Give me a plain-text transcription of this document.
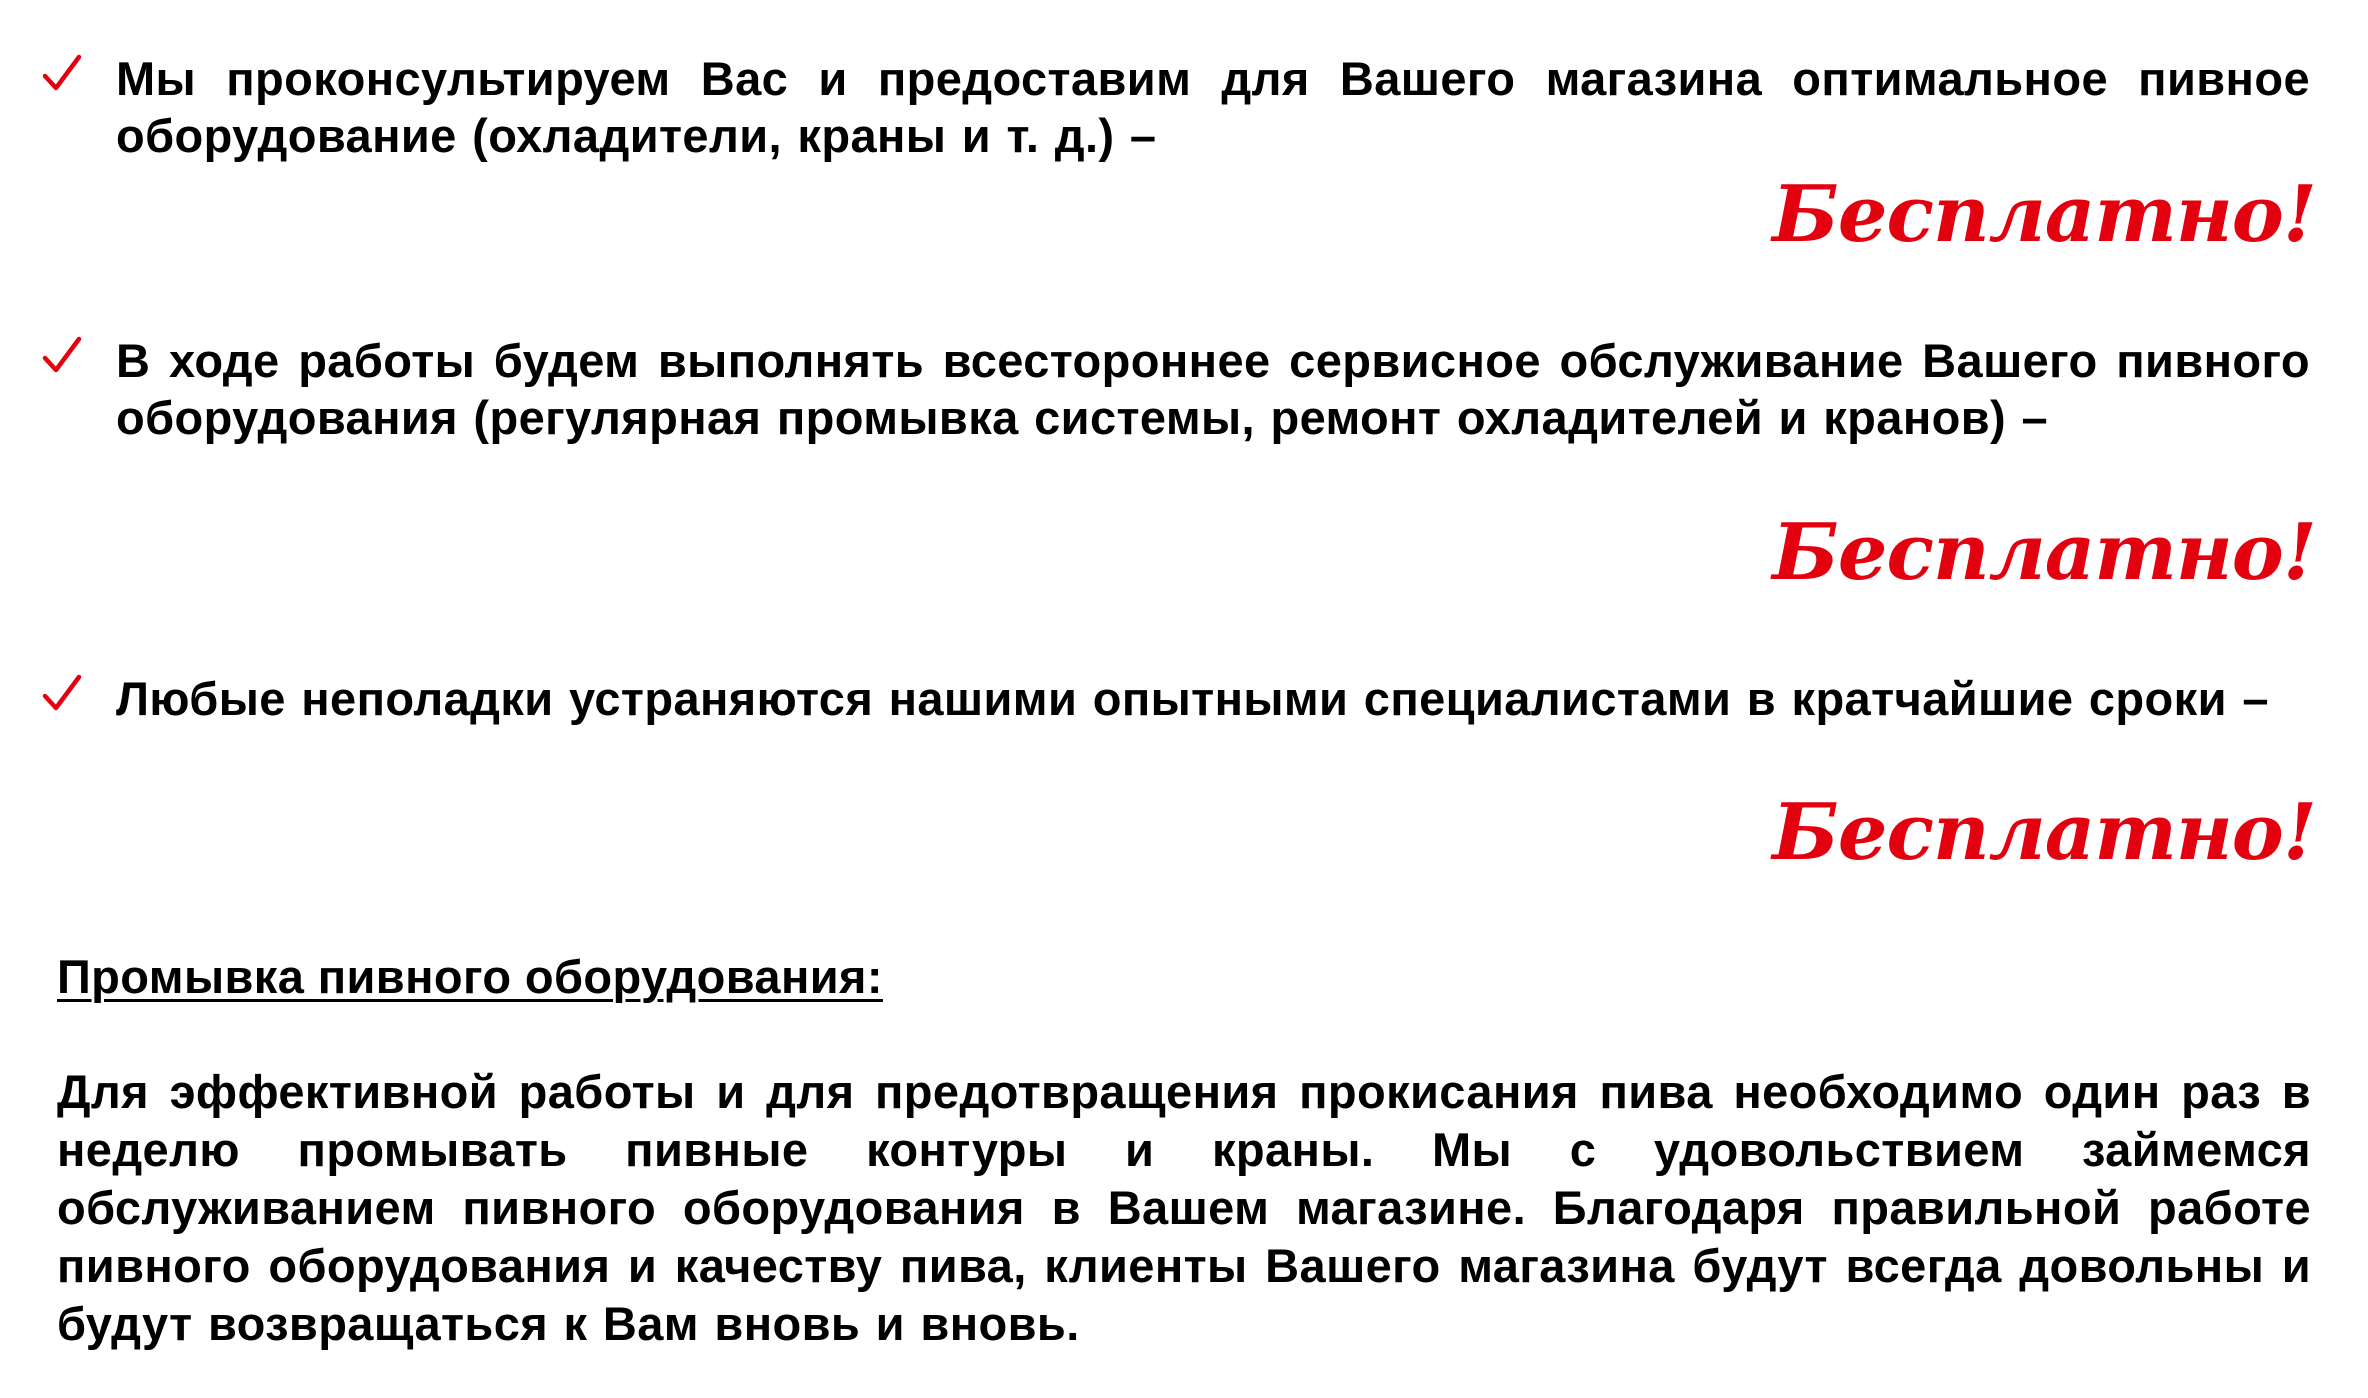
Мы проконсультируем Вас и предоставим для Вашего магазина оптимальное пивное оборудование (охладители, краны и т. д.) –
Бесплатно!
В ходе работы будем выполнять всестороннее сервисное обслуживание Вашего пивного оборудования (регулярная промывка системы, ремонт охладителей и кранов) –
Бесплатно!
Любые неполадки устраняются нашими опытными специалистами в кратчайшие сроки –
Бесплатно!
Промывка пивного оборудования:
Для эффективной работы и для предотвращения прокисания пива необходимо один раз в неделю промывать пивные контуры и краны. Мы с удовольствием займемся обслуживанием пивного оборудования в Вашем магазине. Благодаря правильной работе пивного оборудования и качеству пива, клиенты Вашего магазина будут всегда довольны и будут возвращаться к Вам вновь и вновь.
